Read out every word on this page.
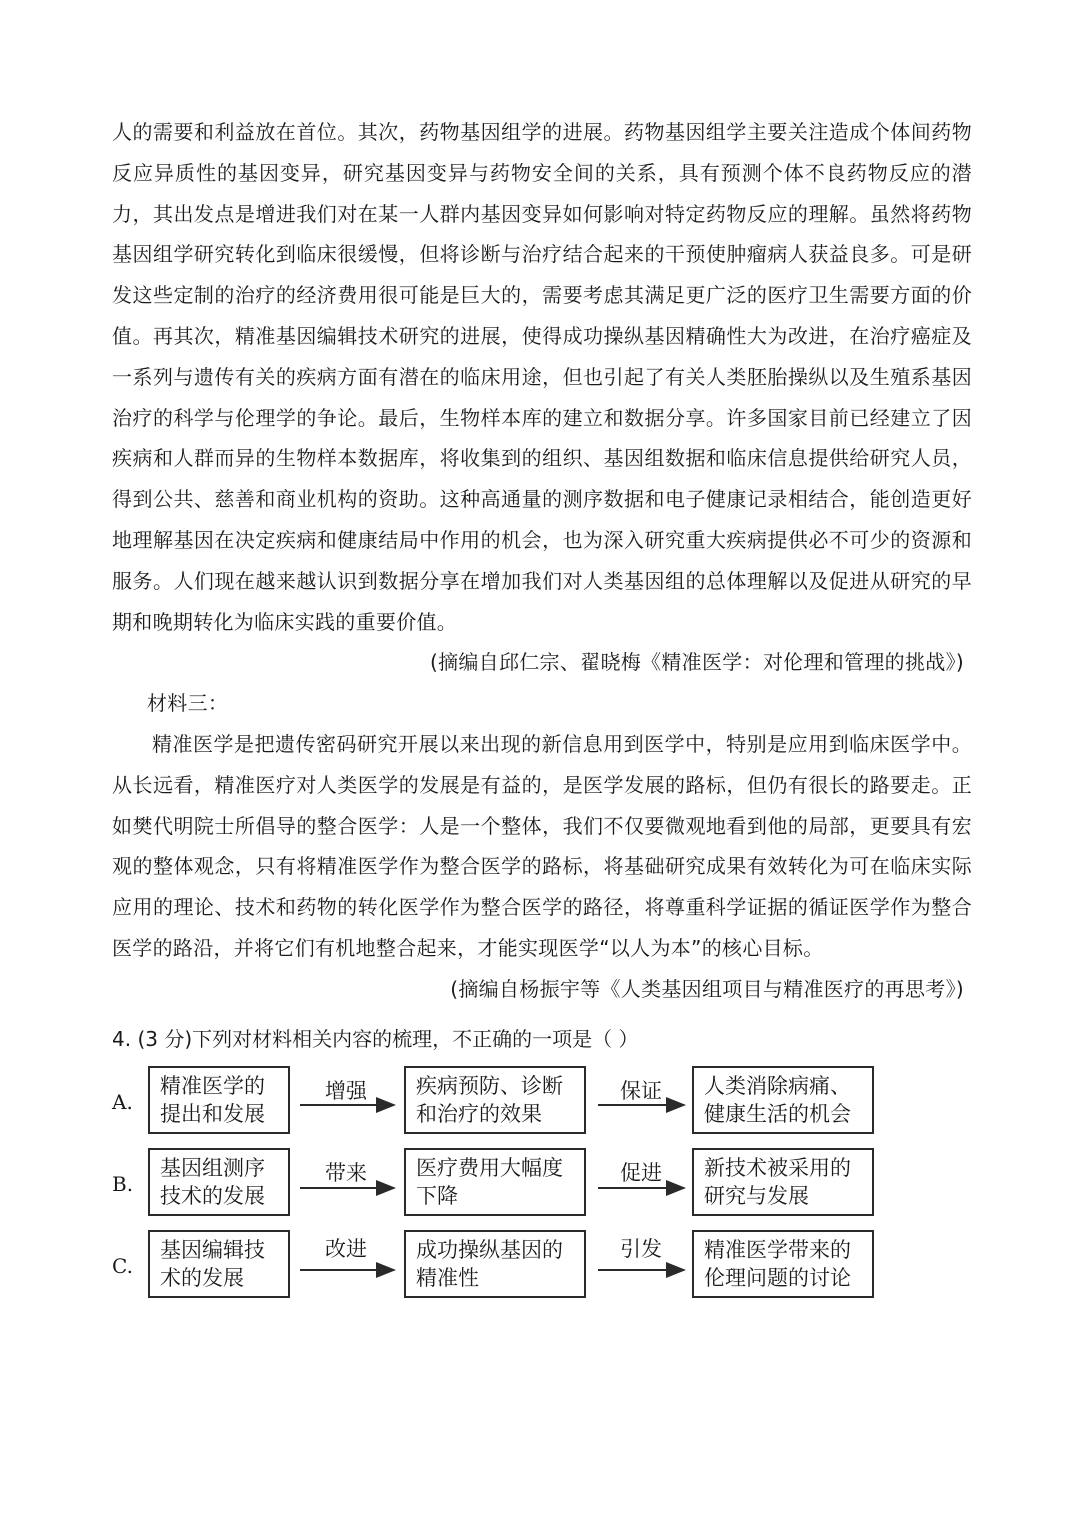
人的需要和利益放在首位。其次，药物基因组学的进展。药物基因组学主要关注造成个体间药物反应异质性的基因变异，研究基因变异与药物安全间的关系，具有预测个体不良药物反应的潜力，其出发点是增进我们对在某一人群内基因变异如何影响对特定药物反应的理解。虽然将药物基因组学研究转化到临床很缓慢，但将诊断与治疗结合起来的干预使肿瘤病人获益良多。可是研发这些定制的治疗的经济费用很可能是巨大的，需要考虑其满足更广泛的医疗卫生需要方面的价值。再其次，精准基因编辑技术研究的进展，使得成功操纵基因精确性大为改进，在治疗癌症及一系列与遗传有关的疾病方面有潜在的临床用途，但也引起了有关人类胚胎操纵以及生殖系基因治疗的科学与伦理学的争论。最后，生物样本库的建立和数据分享。许多国家目前已经建立了因疾病和人群而异的生物样本数据库，将收集到的组织、基因组数据和临床信息提供给研究人员，得到公共、慈善和商业机构的资助。这种高通量的测序数据和电子健康记录相结合，能创造更好地理解基因在决定疾病和健康结局中作用的机会，也为深入研究重大疾病提供必不可少的资源和服务。人们现在越来越认识到数据分享在增加我们对人类基因组的总体理解以及促进从研究的早期和晚期转化为临床实践的重要价值。

(摘编自邱仁宗、翟晓梅《精准医学：对伦理和管理的挑战》)

材料三：

精准医学是把遗传密码研究开展以来出现的新信息用到医学中，特别是应用到临床医学中。从长远看，精准医疗对人类医学的发展是有益的，是医学发展的路标，但仍有很长的路要走。正如樊代明院士所倡导的整合医学：人是一个整体，我们不仅要微观地看到他的局部，更要具有宏观的整体观念，只有将精准医学作为整合医学的路标，将基础研究成果有效转化为可在临床实际应用的理论、技术和药物的转化医学作为整合医学的路径，将尊重科学证据的循证医学作为整合医学的路沿，并将它们有机地整合起来，才能实现医学“以人为本”的核心目标。

(摘编自杨振宇等《人类基因组项目与精准医疗的再思考》)

4. (3 分)下列对材料相关内容的梳理，不正确的一项是（ ）
A.
精准医学的提出和发展
增强	疾病预防、诊断和治疗的效果
保证	人类消除病痛、健康生活的机会
B.
基因组测序技术的发展
带来	医疗费用大幅度下降
促进	新技术被采用的研究与发展
C.
基因编辑技术的发展
改进	成功操纵基因的精准性
引发	精准医学带来的伦理问题的讨论
